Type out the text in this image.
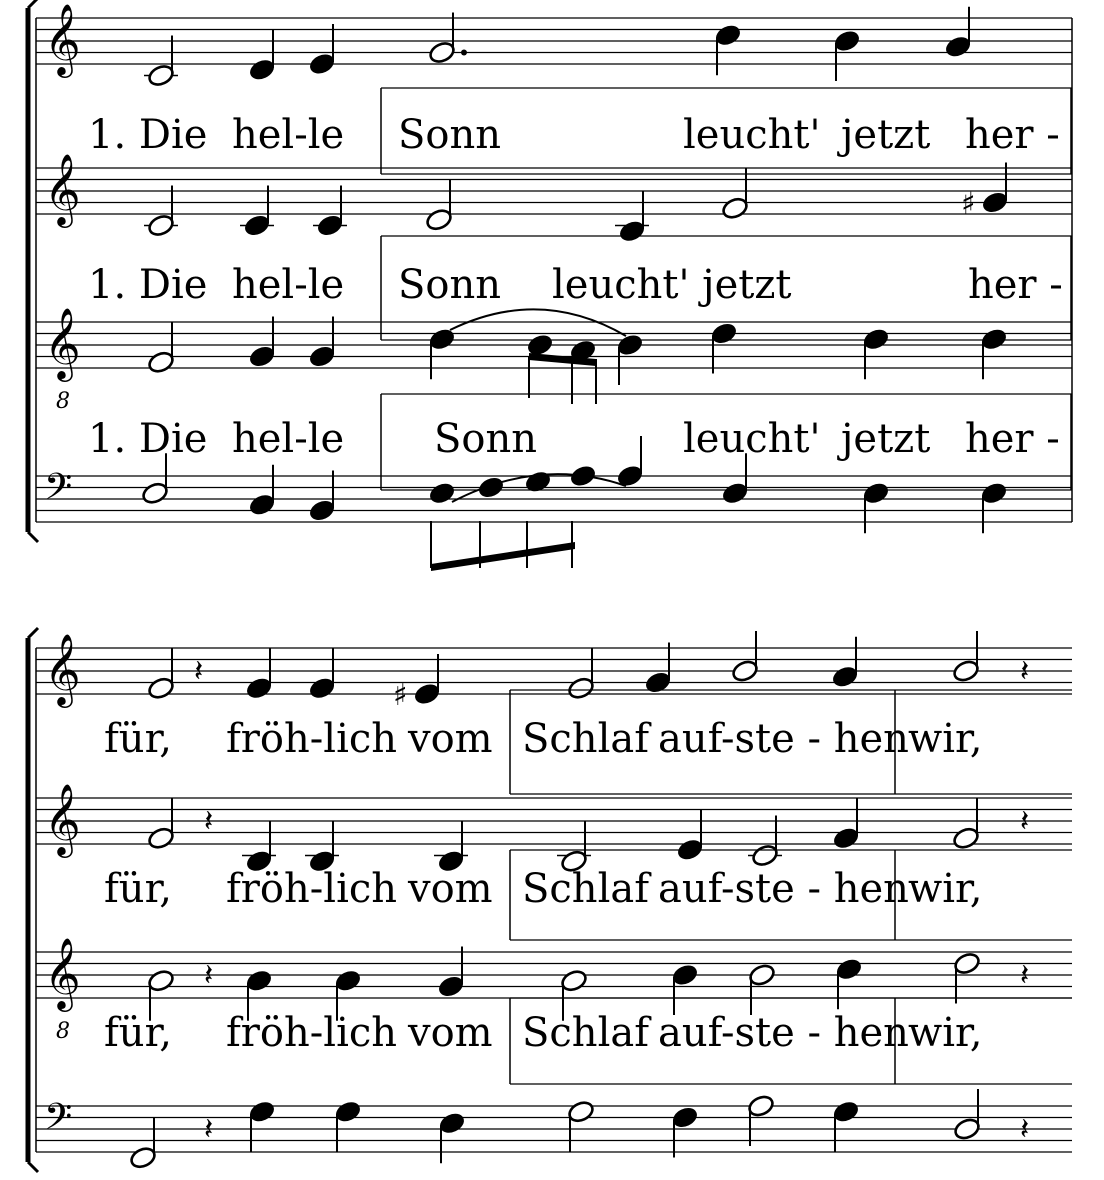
𝄞
1. Die hel-le Sonn	leucht' jetzt her -
𝄞	♯
1. Die hel-le Sonn leucht' jetzt	her -
𝄞
8
1. Die hel-le Sonn	leucht' jetzt her -
𝄢
𝄞	♯
𝄽	𝄽
für, fröh-lich vom Schlaf auf-ste - hen wir,
𝄞	𝄽	𝄽
für, fröh-lich vom Schlaf auf-ste - hen wir,
𝄞
8
𝄽	𝄽
für, fröh-lich vom Schlaf auf-ste - hen wir,
𝄢	𝄽	𝄽
